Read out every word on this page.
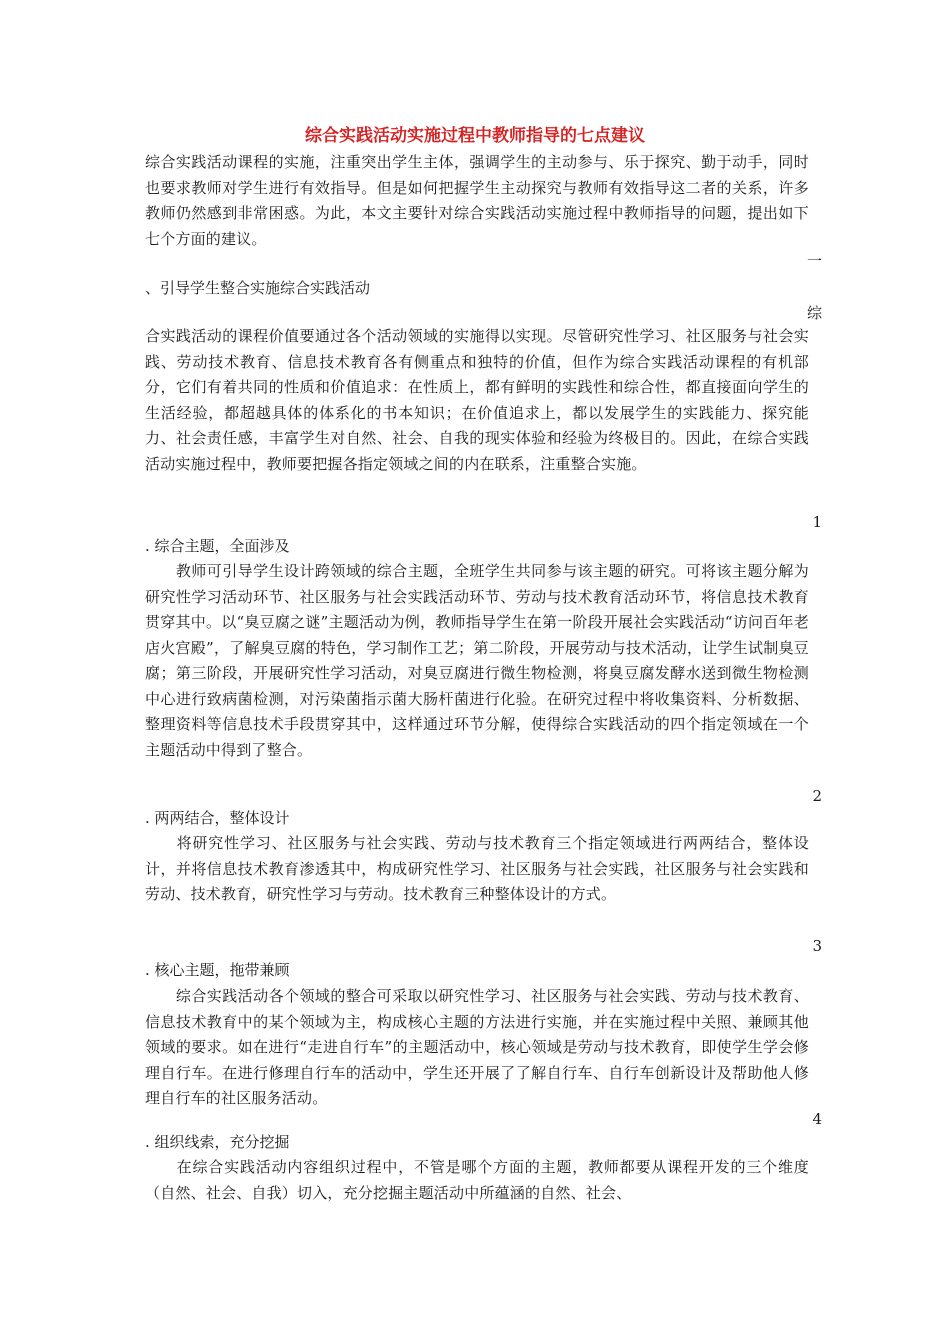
综合实践活动实施过程中教师指导的七点建议

综合实践活动课程的实施，注重突出学生主体，强调学生的主动参与、乐于探究、勤于动手，同时也要求教师对学生进行有效指导。但是如何把握学生主动探究与教师有效指导这二者的关系，许多教师仍然感到非常困惑。为此，本文主要针对综合实践活动实施过程中教师指导的问题，提出如下七个方面的建议。

一

、引导学生整合实施综合实践活动

综

合实践活动的课程价值要通过各个活动领域的实施得以实现。尽管研究性学习、社区服务与社会实践、劳动技术教育、信息技术教育各有侧重点和独特的价值，但作为综合实践活动课程的有机部分，它们有着共同的性质和价值追求：在性质上，都有鲜明的实践性和综合性，都直接面向学生的生活经验，都超越具体的体系化的书本知识；在价值追求上，都以发展学生的实践能力、探究能力、社会责任感，丰富学生对自然、社会、自我的现实体验和经验为终极目的。因此，在综合实践活动实施过程中，教师要把握各指定领域之间的内在联系，注重整合实施。

1

. 综合主题，全面涉及

　　教师可引导学生设计跨领域的综合主题，全班学生共同参与该主题的研究。可将该主题分解为研究性学习活动环节、社区服务与社会实践活动环节、劳动与技术教育活动环节，将信息技术教育贯穿其中。以“臭豆腐之谜”主题活动为例，教师指导学生在第一阶段开展社会实践活动“访问百年老店火宫殿”，了解臭豆腐的特色，学习制作工艺；第二阶段，开展劳动与技术活动，让学生试制臭豆腐；第三阶段，开展研究性学习活动，对臭豆腐进行微生物检测，将臭豆腐发酵水送到微生物检测中心进行致病菌检测，对污染菌指示菌大肠杆菌进行化验。在研究过程中将收集资料、分析数据、整理资料等信息技术手段贯穿其中，这样通过环节分解，使得综合实践活动的四个指定领域在一个主题活动中得到了整合。

2

. 两两结合，整体设计

　　将研究性学习、社区服务与社会实践、劳动与技术教育三个指定领域进行两两结合，整体设计，并将信息技术教育渗透其中，构成研究性学习、社区服务与社会实践，社区服务与社会实践和劳动、技术教育，研究性学习与劳动。技术教育三种整体设计的方式。

3

. 核心主题，拖带兼顾

　　综合实践活动各个领域的整合可采取以研究性学习、社区服务与社会实践、劳动与技术教育、信息技术教育中的某个领域为主，构成核心主题的方法进行实施，并在实施过程中关照、兼顾其他领域的要求。如在进行“走进自行车”的主题活动中，核心领域是劳动与技术教育，即使学生学会修理自行车。在进行修理自行车的活动中，学生还开展了了解自行车、自行车创新设计及帮助他人修理自行车的社区服务活动。

4

. 组织线索，充分挖掘

　　在综合实践活动内容组织过程中，不管是哪个方面的主题，教师都要从课程开发的三个维度（自然、社会、自我）切入，充分挖掘主题活动中所蕴涵的自然、社会、
